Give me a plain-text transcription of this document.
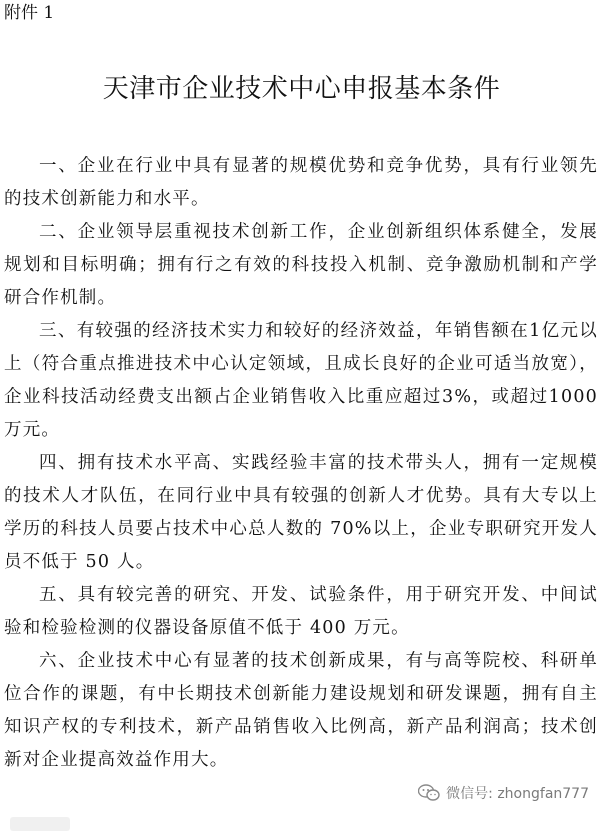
附件 1
天津市企业技术中心申报基本条件

一、企业在行业中具有显著的规模优势和竞争优势，具有行业领先的技术创新能力和水平。

二、企业领导层重视技术创新工作，企业创新组织体系健全，发展规划和目标明确；拥有行之有效的科技投入机制、竞争激励机制和产学研合作机制。

三、有较强的经济技术实力和较好的经济效益，年销售额在1亿元以上（符合重点推进技术中心认定领域，且成长良好的企业可适当放宽），企业科技活动经费支出额占企业销售收入比重应超过3%，或超过1000万元。

四、拥有技术水平高、实践经验丰富的技术带头人，拥有一定规模的技术人才队伍，在同行业中具有较强的创新人才优势。具有大专以上学历的科技人员要占技术中心总人数的 70%以上，企业专职研究开发人员不低于 50 人。

五、具有较完善的研究、开发、试验条件，用于研究开发、中间试验和检验检测的仪器设备原值不低于 400 万元。

六、企业技术中心有显著的技术创新成果，有与高等院校、科研单位合作的课题，有中长期技术创新能力建设规划和研发课题，拥有自主知识产权的专利技术，新产品销售收入比例高，新产品利润高；技术创新对企业提高效益作用大。

微信号: zhongfan777
